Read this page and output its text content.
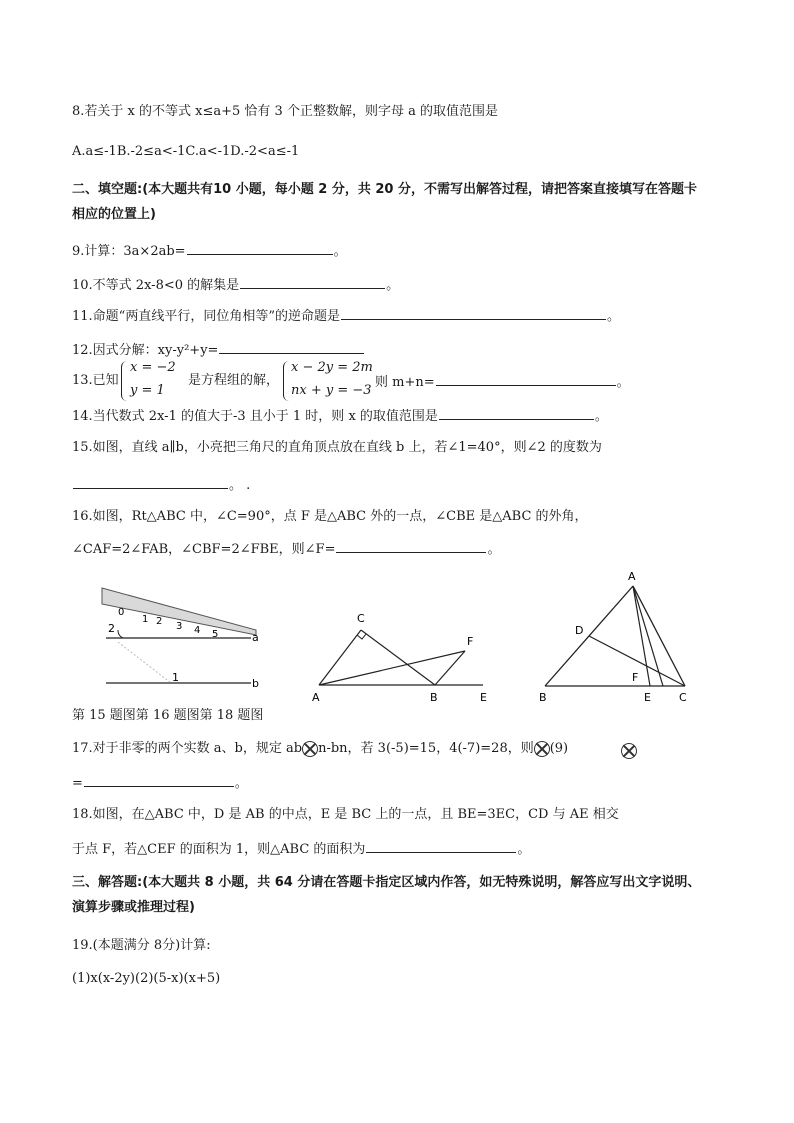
8.若关于 x 的不等式 x≤a+5 恰有 3 个正整数解，则字母 a 的取值范围是
A.a≤-1B.-2≤a<-1C.a<-1D.-2<a≤-1
二、填空题:(本大题共有10 小题，每小题 2 分，共 20 分，不需写出解答过程，请把答案直接填写在答题卡
相应的位置上)
9.计算：3a×2ab=	。
10.不等式 2x-8<0 的解集是	。
11.命题“两直线平行，同位角相等”的逆命题是	。
12.因式分解：xy-y²+y=
13.已知
x = −2
y = 1
是方程组的解，
x − 2y = 2m
nx + y = −3
则 m+n=	。
14.当代数式 2x-1 的值大于-3 且小于 1 时，则 x 的取值范围是	。
15.如图，直线 a∥b，小亮把三角尺的直角顶点放在直线 b 上，若∠1=40°，则∠2 的度数为
。 .
16.如图，Rt△ABC 中，∠C=90°，点 F 是△ABC 外的一点，∠CBE 是△ABC 的外角，
∠CAF=2∠FAB，∠CBF=2∠FBE，则∠F=	。
0
1 2 3 4 5
2
1
a
b
A	B
C
E
F
A
B	C
D
E
F
第 15 题图第 16 题图第 18 题图
17.对于非零的两个实数 a、b，规定 ab n-bn，若 3(-5)=15，4(-7)=28，则 (9)
=	。
18.如图，在△ABC 中，D 是 AB 的中点，E 是 BC 上的一点，且 BE=3EC，CD 与 AE 相交
于点 F，若△CEF 的面积为 1，则△ABC 的面积为	。
三、解答题:(本大题共 8 小题，共 64 分请在答题卡指定区域内作答，如无特殊说明，解答应写出文字说明、
演算步骤或推理过程)
19.(本题满分 8分)计算:
(1)x(x-2y)(2)(5-x)(x+5)
